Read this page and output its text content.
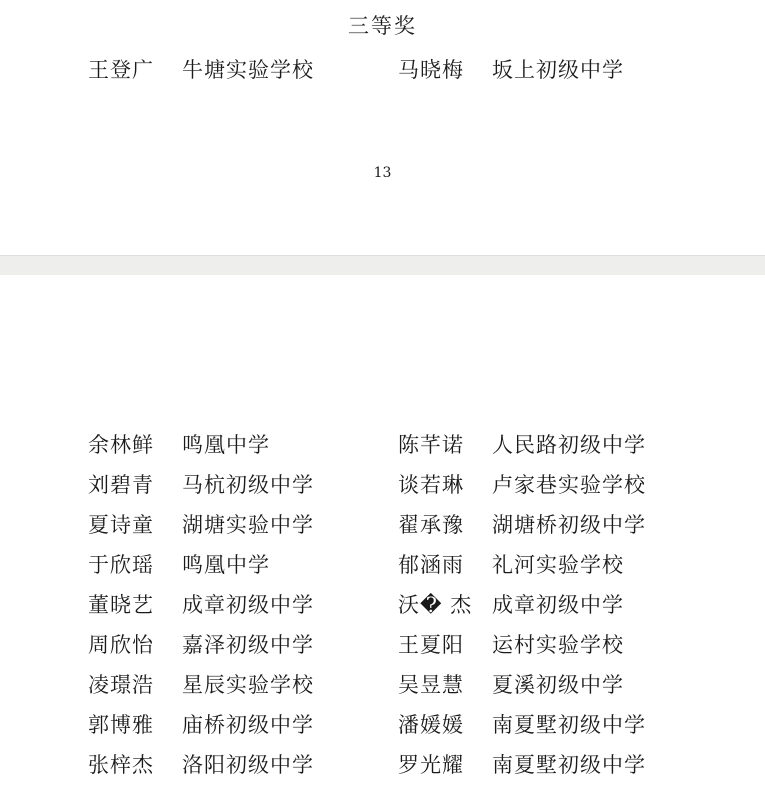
三等奖
王登广 牛塘实验学校	马晓梅 坂上初级中学
13
余林鲜 鸣凰中学	陈芊诺 人民路初级中学
刘碧青 马杭初级中学	谈若琳 卢家巷实验学校
夏诗童 湖塘实验中学	翟承豫 湖塘桥初级中学
于欣瑶 鸣凰中学	郁涵雨 礼河实验学校
董晓艺 成章初级中学	沃� 杰 成章初级中学
周欣怡 嘉泽初级中学	王夏阳 运村实验学校
凌璟浩 星辰实验学校	吴昱慧 夏溪初级中学
郭博雅 庙桥初级中学	潘媛媛 南夏墅初级中学
张梓杰 洛阳初级中学	罗光耀 南夏墅初级中学
